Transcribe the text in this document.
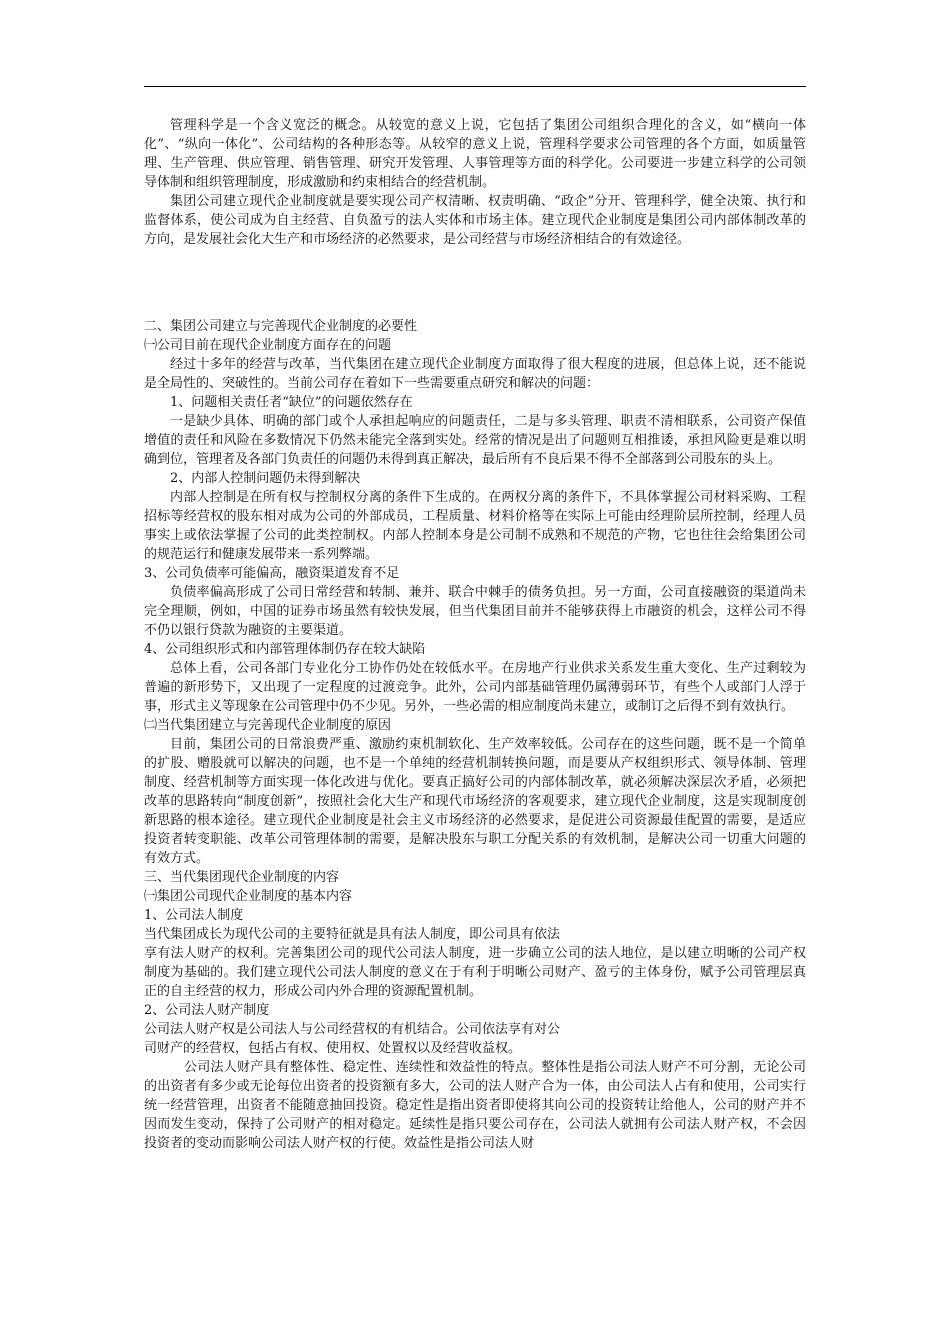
管理科学是一个含义宽泛的概念。从较宽的意义上说，它包括了集团公司组织合理化的含义，如“横向一体化”、“纵向一体化”、公司结构的各种形态等。从较窄的意义上说，管理科学要求公司管理的各个方面，如质量管理、生产管理、供应管理、销售管理、研究开发管理、人事管理等方面的科学化。公司要进一步建立科学的公司领导体制和组织管理制度，形成激励和约束相结合的经营机制。

集团公司建立现代企业制度就是要实现公司产权清晰、权责明确、“政企”分开、管理科学，健全决策、执行和监督体系，使公司成为自主经营、自负盈亏的法人实体和市场主体。建立现代企业制度是集团公司内部体制改革的方向，是发展社会化大生产和市场经济的必然要求，是公司经营与市场经济相结合的有效途径。

二、集团公司建立与完善现代企业制度的必要性

㈠公司目前在现代企业制度方面存在的问题

经过十多年的经营与改革，当代集团在建立现代企业制度方面取得了很大程度的进展，但总体上说，还不能说是全局性的、突破性的。当前公司存在着如下一些需要重点研究和解决的问题：

1、问题相关责任者“缺位”的问题依然存在

一是缺少具体、明确的部门或个人承担起响应的问题责任，二是与多头管理、职责不清相联系，公司资产保值增值的责任和风险在多数情况下仍然未能完全落到实处。经常的情况是出了问题则互相推诿，承担风险更是难以明确到位，管理者及各部门负责任的问题仍未得到真正解决，最后所有不良后果不得不全部落到公司股东的头上。

2、内部人控制问题仍未得到解决

内部人控制是在所有权与控制权分离的条件下生成的。在两权分离的条件下，不具体掌握公司材料采购、工程招标等经营权的股东相对成为公司的外部成员，工程质量、材料价格等在实际上可能由经理阶层所控制，经理人员事实上或依法掌握了公司的此类控制权。内部人控制本身是公司制不成熟和不规范的产物，它也往往会给集团公司的规范运行和健康发展带来一系列弊端。

3、公司负债率可能偏高，融资渠道发育不足

负债率偏高形成了公司日常经营和转制、兼并、联合中棘手的债务负担。另一方面，公司直接融资的渠道尚未完全理顺，例如，中国的证券市场虽然有较快发展，但当代集团目前并不能够获得上市融资的机会，这样公司不得不仍以银行贷款为融资的主要渠道。

4、公司组织形式和内部管理体制仍存在较大缺陷

总体上看，公司各部门专业化分工协作仍处在较低水平。在房地产行业供求关系发生重大变化、生产过剩较为普遍的新形势下，又出现了一定程度的过渡竞争。此外，公司内部基础管理仍属薄弱环节，有些个人或部门人浮于事，形式主义等现象在公司管理中仍不少见。另外，一些必需的相应制度尚未建立，或制订之后得不到有效执行。

㈡当代集团建立与完善现代企业制度的原因

目前，集团公司的日常浪费严重、激励约束机制软化、生产效率较低。公司存在的这些问题，既不是一个简单的扩股、赠股就可以解决的问题，也不是一个单纯的经营机制转换问题，而是要从产权组织形式、领导体制、管理制度、经营机制等方面实现一体化改进与优化。要真正搞好公司的内部体制改革，就必须解决深层次矛盾，必须把改革的思路转向“制度创新”，按照社会化大生产和现代市场经济的客观要求，建立现代企业制度，这是实现制度创新思路的根本途径。建立现代企业制度是社会主义市场经济的必然要求，是促进公司资源最佳配置的需要，是适应投资者转变职能、改革公司管理体制的需要，是解决股东与职工分配关系的有效机制，是解决公司一切重大问题的有效方式。

三、当代集团现代企业制度的内容

㈠集团公司现代企业制度的基本内容

1、公司法人制度

当代集团成长为现代公司的主要特征就是具有法人制度，即公司具有依法

享有法人财产的权利。完善集团公司的现代公司法人制度，进一步确立公司的法人地位，是以建立明晰的公司产权制度为基础的。我们建立现代公司法人制度的意义在于有利于明晰公司财产、盈亏的主体身份，赋予公司管理层真正的自主经营的权力，形成公司内外合理的资源配置机制。

2、公司法人财产制度

公司法人财产权是公司法人与公司经营权的有机结合。公司依法享有对公

司财产的经营权，包括占有权、使用权、处置权以及经营收益权。

公司法人财产具有整体性、稳定性、连续性和效益性的特点。整体性是指公司法人财产不可分割，无论公司的出资者有多少或无论每位出资者的投资额有多大，公司的法人财产合为一体，由公司法人占有和使用，公司实行统一经营管理，出资者不能随意抽回投资。稳定性是指出资者即使将其向公司的投资转让给他人，公司的财产并不因而发生变动，保持了公司财产的相对稳定。延续性是指只要公司存在，公司法人就拥有公司法人财产权，不会因投资者的变动而影响公司法人财产权的行使。效益性是指公司法人财
